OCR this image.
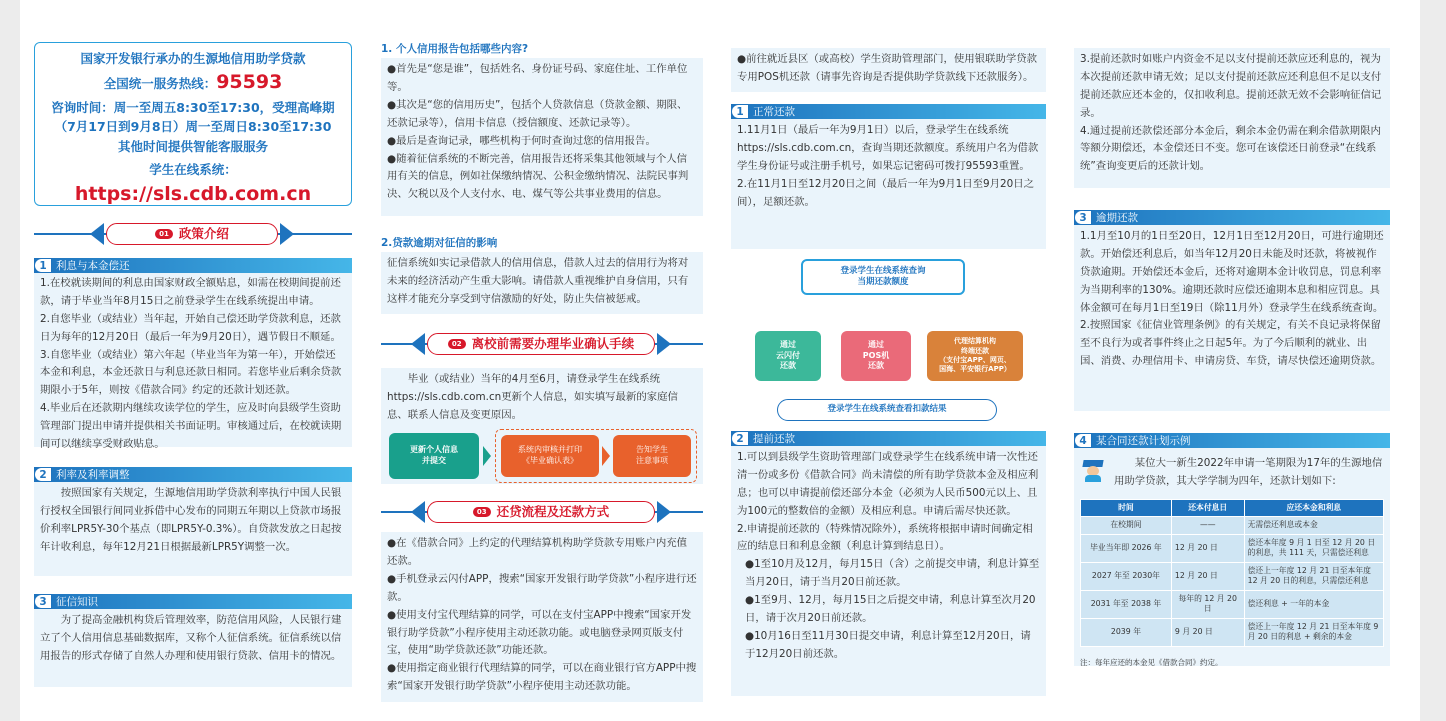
国家开发银行承办的生源地信用助学贷款
全国统一服务热线：95593
咨询时间：周一至周五8:30至17:30，受理高峰期
（7月17日到9月8日）周一至周日8:30至17:30
其他时间提供智能客服服务
学生在线系统：
https://sls.cdb.com.cn
01 政策介绍
1 利息与本金偿还

1.在校就读期间的利息由国家财政全额贴息，如需在校期间提前还款，请于毕业当年8月15日之前登录学生在线系统提出申请。

2.自您毕业（或结业）当年起，开始自己偿还助学贷款利息，还款日为每年的12月20日（最后一年为9月20日），遇节假日不顺延。

3.自您毕业（或结业）第六年起（毕业当年为第一年），开始偿还本金和利息，本金还款日与利息还款日相同。若您毕业后剩余贷款期限小于5年，则按《借款合同》约定的还款计划还款。

4.毕业后在还款期内继续攻读学位的学生，应及时向县级学生资助管理部门提出申请并提供相关书面证明。审核通过后，在校就读期间可以继续享受财政贴息。

2 利率及利率调整

按照国家有关规定，生源地信用助学贷款利率执行中国人民银行授权全国银行间同业拆借中心发布的同期五年期以上贷款市场报价利率LPR5Y-30个基点（即LPR5Y-0.3%）。自贷款发放之日起按年计收利息，每年12月21日根据最新LPR5Y调整一次。

3 征信知识

为了提高金融机构贷后管理效率，防范信用风险，人民银行建立了个人信用信息基础数据库，又称个人征信系统。征信系统以信用报告的形式存储了自然人办理和使用银行贷款、信用卡的情况。

1. 个人信用报告包括哪些内容?

●首先是“您是谁”，包括姓名、身份证号码、家庭住址、工作单位等。

●其次是“您的信用历史”，包括个人贷款信息（贷款金额、期限、还款记录等），信用卡信息（授信额度、还款记录等）。

●最后是查询记录，哪些机构于何时查询过您的信用报告。

●随着征信系统的不断完善，信用报告还将采集其他领域与个人信用有关的信息，例如社保缴纳情况、公积金缴纳情况、法院民事判决、欠税以及个人支付水、电、煤气等公共事业费用的信息。

2.贷款逾期对征信的影响

征信系统如实记录借款人的信用信息，借款人过去的信用行为将对未来的经济活动产生重大影响。请借款人重视维护自身信用，只有这样才能充分享受到守信激励的好处，防止失信被惩戒。

02 离校前需要办理毕业确认手续

毕业（或结业）当年的4月至6月，请登录学生在线系统https://sls.cdb.com.cn更新个人信息，如实填写最新的家庭信息、联系人信息及变更原因。

更新个人信息
并提交
系统内审核并打印
《毕业确认表》
告知学生
注意事项
03 还贷流程及还款方式

●在《借款合同》上约定的代理结算机构助学贷款专用账户内充值还款。

●手机登录云闪付APP，搜索“国家开发银行助学贷款”小程序进行还款。

●使用支付宝代理结算的同学，可以在支付宝APP中搜索“国家开发银行助学贷款”小程序使用主动还款功能。或电脑登录网页版支付宝，使用“助学贷款还款”功能还款。

●使用指定商业银行代理结算的同学，可以在商业银行官方APP中搜索“国家开发银行助学贷款”小程序使用主动还款功能。

●前往就近县区（或高校）学生资助管理部门，使用银联助学贷款专用POS机还款（请事先咨询是否提供助学贷款线下还款服务）。

1 正常还款

1.11月1日（最后一年为9月1日）以后，登录学生在线系统https://sls.cdb.com.cn，查询当期还款额度。系统用户名为借款学生身份证号或注册手机号，如果忘记密码可拨打95593重置。

2.在11月1日至12月20日之间（最后一年为9月1日至9月20日之间），足额还款。

登录学生在线系统查询
当期还款额度
通过
云闪付
还款
通过
POS机
还款
代理结算机构
终端还款
（支付宝APP、网页、
国海、平安银行APP）
登录学生在线系统查看扣款结果
2 提前还款

1.可以到县级学生资助管理部门或登录学生在线系统申请一次性还清一份或多份《借款合同》尚未清偿的所有助学贷款本金及相应利息；也可以申请提前偿还部分本金（必须为人民币500元以上、且为100元的整数倍的金额）及相应利息。申请后需尽快还款。

2.申请提前还款的（特殊情况除外），系统将根据申请时间确定相应的结息日和利息金额（利息计算到结息日）。

●1至10月及12月，每月15日（含）之前提交申请，利息计算至当月20日，请于当月20日前还款。

●1至9月、12月，每月15日之后提交申请，利息计算至次月20日，请于次月20日前还款。

●10月16日至11月30日提交申请，利息计算至12月20日，请于12月20日前还款。

3.提前还款时如账户内资金不足以支付提前还款应还利息的，视为本次提前还款申请无效；足以支付提前还款应还利息但不足以支付提前还款应还本金的，仅扣收利息。提前还款无效不会影响征信记录。

4.通过提前还款偿还部分本金后，剩余本金仍需在剩余借款期限内等额分期偿还，本金偿还日不变。您可在该偿还日前登录“在线系统”查询变更后的还款计划。

3 逾期还款

1.1月至10月的1日至20日，12月1日至12月20日，可进行逾期还款。开始偿还利息后，如当年12月20日未能及时还款，将被视作贷款逾期。开始偿还本金后，还将对逾期本金计收罚息，罚息利率为当期利率的130%。逾期还款时应偿还逾期本息和相应罚息。具体金额可在每月1日至19日（除11月外）登录学生在线系统查询。

2.按照国家《征信业管理条例》的有关规定，有关不良记录将保留至不良行为或者事件终止之日起5年。为了今后顺利的就业、出国、消费、办理信用卡、申请房贷、车贷，请尽快偿还逾期贷款。

4 某合同还款计划示例

某位大一新生2022年申请一笔期限为17年的生源地信用助学贷款，其大学学制为四年，还款计划如下:

时间	还本付息日	应还本金和利息
在校期间	——	无需偿还利息或本金
毕业当年即 2026 年	12 月 20 日	偿还本年度 9 月 1 日至 12 月 20 日的利息，共 111 天，只需偿还利息
2027 年至 2030年	12 月 20 日	偿还上一年度 12 月 21 日至本年度 12 月 20 日的利息，只需偿还利息
2031 年至 2038 年	每年的 12 月 20 日	偿还利息 + 一年的本金
2039 年	9 月 20 日	偿还上一年度 12 月 21 日至本年度 9 月 20 日的利息 + 剩余的本金

注：每年应还的本金见《借款合同》约定。
